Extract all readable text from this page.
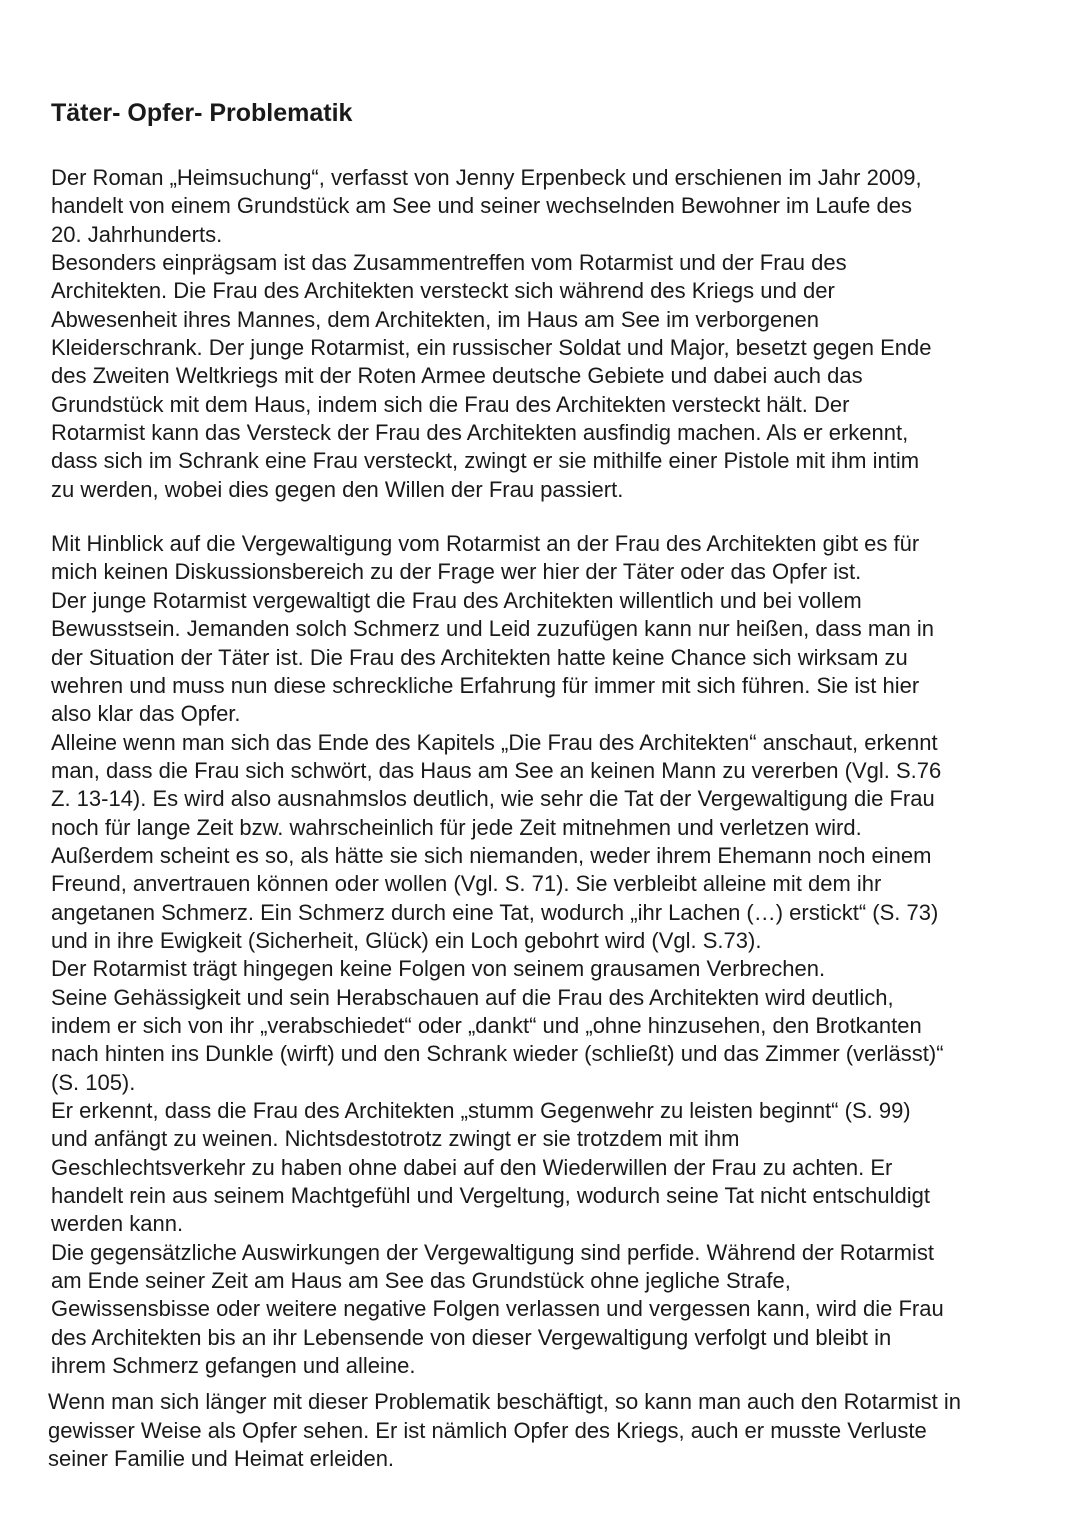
Täter- Opfer- Problematik
Der Roman „Heimsuchung“, verfasst von Jenny Erpenbeck und erschienen im Jahr 2009,
handelt von einem Grundstück am See und seiner wechselnden Bewohner im Laufe des
20. Jahrhunderts.
Besonders einprägsam ist das Zusammentreffen vom Rotarmist und der Frau des
Architekten. Die Frau des Architekten versteckt sich während des Kriegs und der
Abwesenheit ihres Mannes, dem Architekten, im Haus am See im verborgenen
Kleiderschrank. Der junge Rotarmist, ein russischer Soldat und Major, besetzt gegen Ende
des Zweiten Weltkriegs mit der Roten Armee deutsche Gebiete und dabei auch das
Grundstück mit dem Haus, indem sich die Frau des Architekten versteckt hält. Der
Rotarmist kann das Versteck der Frau des Architekten ausfindig machen. Als er erkennt,
dass sich im Schrank eine Frau versteckt, zwingt er sie mithilfe einer Pistole mit ihm intim
zu werden, wobei dies gegen den Willen der Frau passiert.
Mit Hinblick auf die Vergewaltigung vom Rotarmist an der Frau des Architekten gibt es für
mich keinen Diskussionsbereich zu der Frage wer hier der Täter oder das Opfer ist.
Der junge Rotarmist vergewaltigt die Frau des Architekten willentlich und bei vollem
Bewusstsein. Jemanden solch Schmerz und Leid zuzufügen kann nur heißen, dass man in
der Situation der Täter ist. Die Frau des Architekten hatte keine Chance sich wirksam zu
wehren und muss nun diese schreckliche Erfahrung für immer mit sich führen. Sie ist hier
also klar das Opfer.
Alleine wenn man sich das Ende des Kapitels „Die Frau des Architekten“ anschaut, erkennt
man, dass die Frau sich schwört, das Haus am See an keinen Mann zu vererben (Vgl. S.76
Z. 13-14). Es wird also ausnahmslos deutlich, wie sehr die Tat der Vergewaltigung die Frau
noch für lange Zeit bzw. wahrscheinlich für jede Zeit mitnehmen und verletzen wird.
Außerdem scheint es so, als hätte sie sich niemanden, weder ihrem Ehemann noch einem
Freund, anvertrauen können oder wollen (Vgl. S. 71). Sie verbleibt alleine mit dem ihr
angetanen Schmerz. Ein Schmerz durch eine Tat, wodurch „ihr Lachen (…) erstickt“ (S. 73)
und in ihre Ewigkeit (Sicherheit, Glück) ein Loch gebohrt wird (Vgl. S.73).
Der Rotarmist trägt hingegen keine Folgen von seinem grausamen Verbrechen.
Seine Gehässigkeit und sein Herabschauen auf die Frau des Architekten wird deutlich,
indem er sich von ihr „verabschiedet“ oder „dankt“ und „ohne hinzusehen, den Brotkanten
nach hinten ins Dunkle (wirft) und den Schrank wieder (schließt) und das Zimmer (verlässt)“
(S. 105).
Er erkennt, dass die Frau des Architekten „stumm Gegenwehr zu leisten beginnt“ (S. 99)
und anfängt zu weinen. Nichtsdestotrotz zwingt er sie trotzdem mit ihm
Geschlechtsverkehr zu haben ohne dabei auf den Wiederwillen der Frau zu achten. Er
handelt rein aus seinem Machtgefühl und Vergeltung, wodurch seine Tat nicht entschuldigt
werden kann.
Die gegensätzliche Auswirkungen der Vergewaltigung sind perfide. Während der Rotarmist
am Ende seiner Zeit am Haus am See das Grundstück ohne jegliche Strafe,
Gewissensbisse oder weitere negative Folgen verlassen und vergessen kann, wird die Frau
des Architekten bis an ihr Lebensende von dieser Vergewaltigung verfolgt und bleibt in
ihrem Schmerz gefangen und alleine.
Wenn man sich länger mit dieser Problematik beschäftigt, so kann man auch den Rotarmist in
gewisser Weise als Opfer sehen. Er ist nämlich Opfer des Kriegs, auch er musste Verluste
seiner Familie und Heimat erleiden.
